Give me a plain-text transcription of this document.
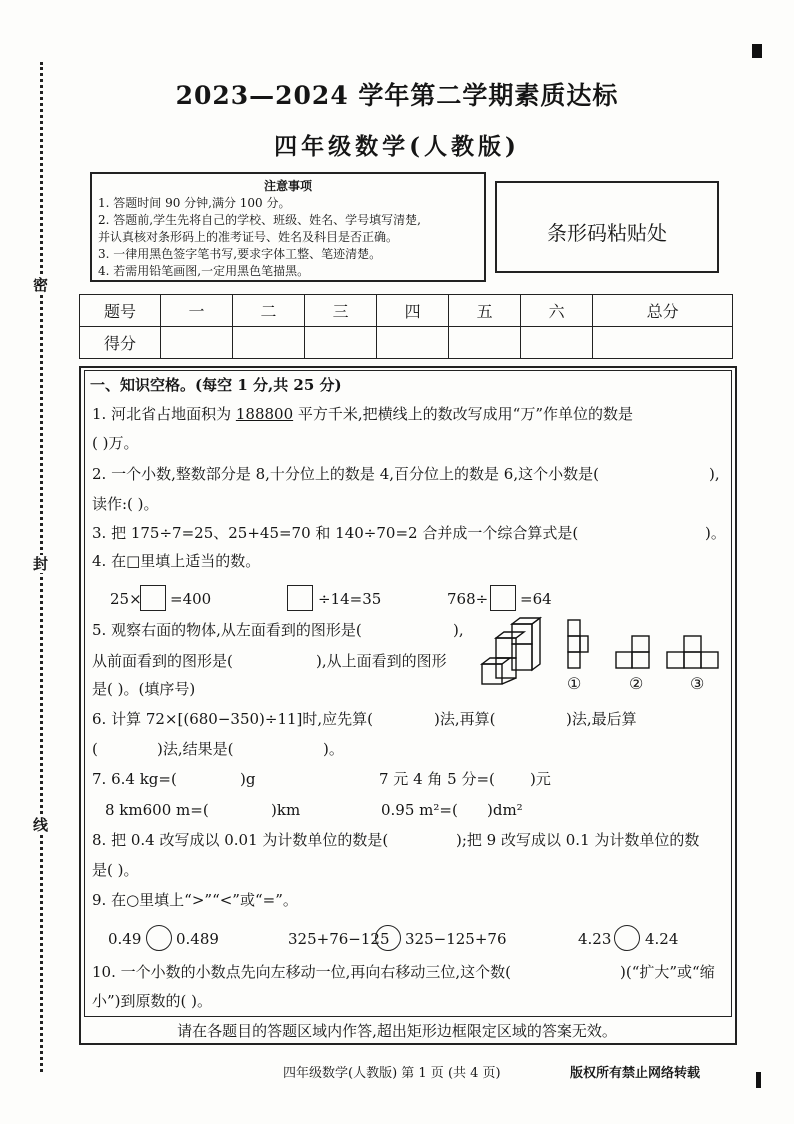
密
封
线
2023—2024 学年第二学期素质达标
四年级数学(人教版)
注意事项
1. 答题时间 90 分钟,满分 100 分。
2. 答题前,学生先将自己的学校、班级、姓名、学号填写清楚,
并认真核对条形码上的准考证号、姓名及科目是否正确。
3. 一律用黑色签字笔书写,要求字体工整、笔迹清楚。
4. 若需用铅笔画图,一定用黑色笔描黑。
条形码粘贴处
题号	一	二	三	四	五	六	总分
得分							
一、知识空格。(每空 1 分,共 25 分)
1. 河北省占地面积为 188800 平方千米,把横线上的数改写成用“万”作单位的数是
( )万。
2. 一个小数,整数部分是 8,十分位上的数是 4,百分位上的数是 6,这个小数是(	),
读作:( )。
3. 把 175÷7=25、25+45=70 和 140÷70=2 合并成一个综合算式是(	)。
4. 在□里填上适当的数。
25× =400	÷14=35	768÷ =64
5. 观察右面的物体,从左面看到的图形是(	),
从前面看到的图形是(	),从上面看到的图形
是( )。(填序号)	①	②	③
6. 计算 72×[(680−350)÷11]时,应先算(	)法,再算(	)法,最后算
(	)法,结果是(	)。
7. 6.4 kg=(	)g	7 元 4 角 5 分=( )元
8 km600 m=(	)km	0.95 m²=( )dm²
8. 把 0.4 改写成以 0.01 为计数单位的数是(	);把 9 改写成以 0.1 为计数单位的数
是( )。
9. 在○里填上“>”“<”或“=”。
0.49 0.489	325+76−125 325−125+76	4.23 4.24
10. 一个小数的小数点先向左移动一位,再向右移动三位,这个数(	)(“扩大”或“缩
小”)到原数的( )。
请在各题目的答题区域内作答,超出矩形边框限定区域的答案无效。
四年级数学(人教版) 第 1 页 (共 4 页)	版权所有禁止网络转载
